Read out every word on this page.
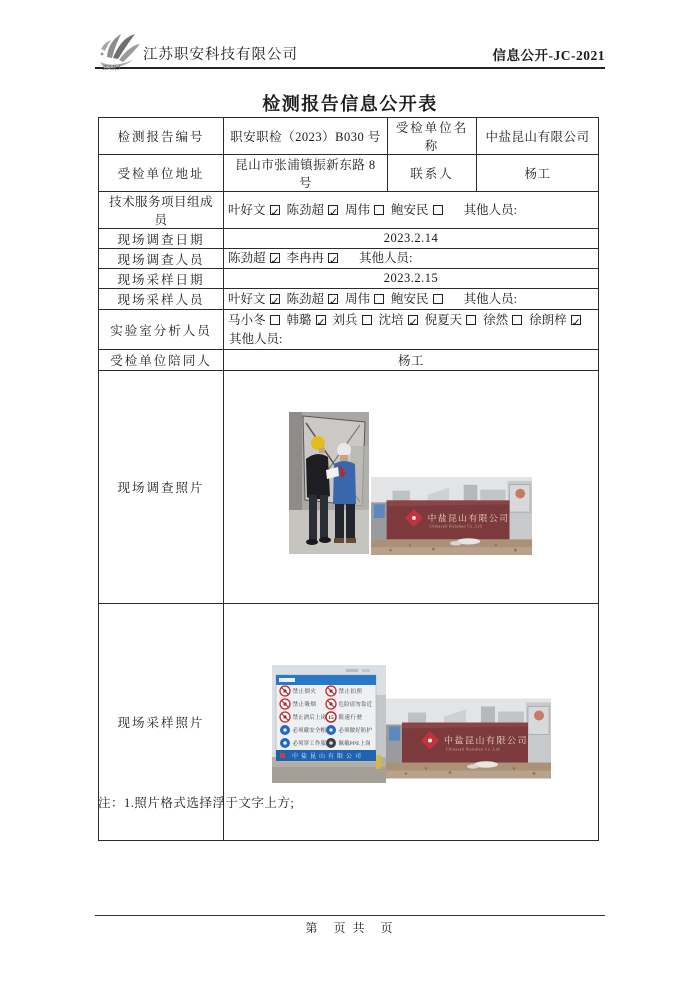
ZAKJ
江苏职安科技有限公司	信息公开-JC-2021
检测报告信息公开表
检测报告编号	职安职检（2023）B030 号	受检单位名称	中盐昆山有限公司
受检单位地址	昆山市张浦镇振新东路 8 号	联系人	杨工
技术服务项目组成员	叶好文 ✓ 陈劲超 ✓ 周伟 鲍安民 其他人员:
现场调查日期	2023.2.14		
现场调查人员	陈劲超 ✓ 李冉冉 ✓ 其他人员:
现场采样日期	2023.2.15		
现场采样人员	叶好文 ✓ 陈劲超 ✓ 周伟 鲍安民 其他人员:
实验室分析人员	马小冬 韩璐 ✓ 刘兵 沈培 ✓ 倪夏天 徐然 徐朗梓✓
其他人员:

受检单位陪同人	杨工		
现场调查照片	中盐昆山有限公司
Chinasalt Kunshan Co.,Ltd		

现场采样照片	15
禁止烟火
禁止吸烟
禁止酒后上岗
必须戴安全帽
必须穿工作服
禁止拍照
危险请勿靠近
限速行驶
必须做好防护
佩戴PPE上岗
中盐昆山有限公司
注：1.照片格式选择浮于文字上方;
第　页 共　页
